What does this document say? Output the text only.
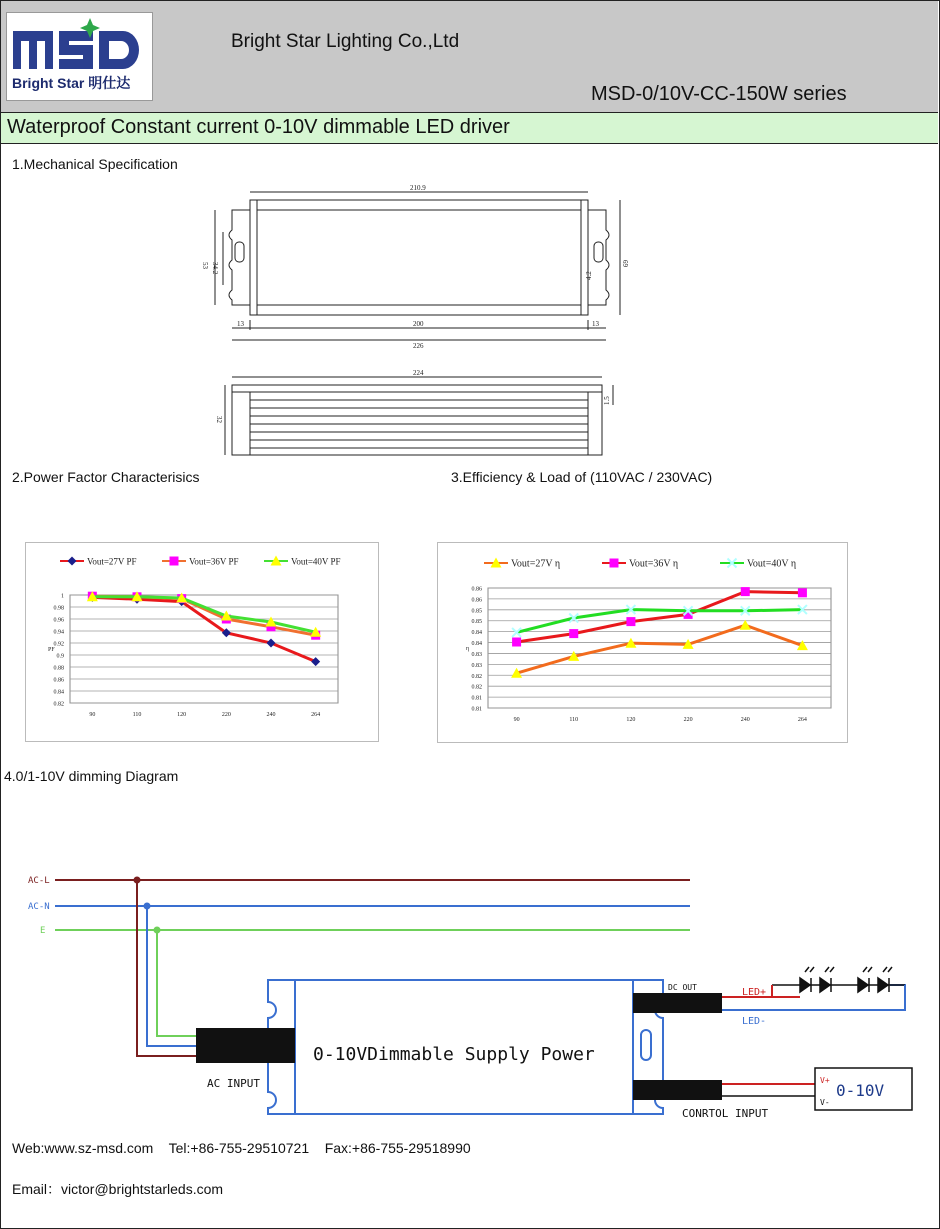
Bright Star 明仕达
Bright Star Lighting Co.,Ltd
MSD-0/10V-CC-150W series
Waterproof Constant current 0-10V dimmable LED driver
1.Mechanical Specification
210.9
53 34.2
4.2
69
13	200	13
226
224
32
1.5
2.Power Factor Characterisics	3.Efficiency & Load of (110VAC / 230VAC)
1
0.98
0.96
0.94
0.92
0.9
0.88
0.86
0.84
0.82
PF
90	110	120	220	240	264
Vout=27V PF	Vout=36V PF	Vout=40V PF
0.86
0.86
0.85
0.85
0.84
0.84
0.83
0.83
0.82
0.82
0.81
0.81
η
90	110	120	220	240	264
Vout=27V η	Vout=36V η	Vout=40V η
4.0/1-10V dimming Diagram
AC-L
AC-N
E
0-10VDimmable Supply Power
AC INPUT
DC OUT
CONRTOL INPUT
LED+
LED-
V+
V-
0-10V
Web:www.sz-msd.com    Tel:+86-755-29510721    Fax:+86-755-29518990
Email：victor@brightstarleds.com
